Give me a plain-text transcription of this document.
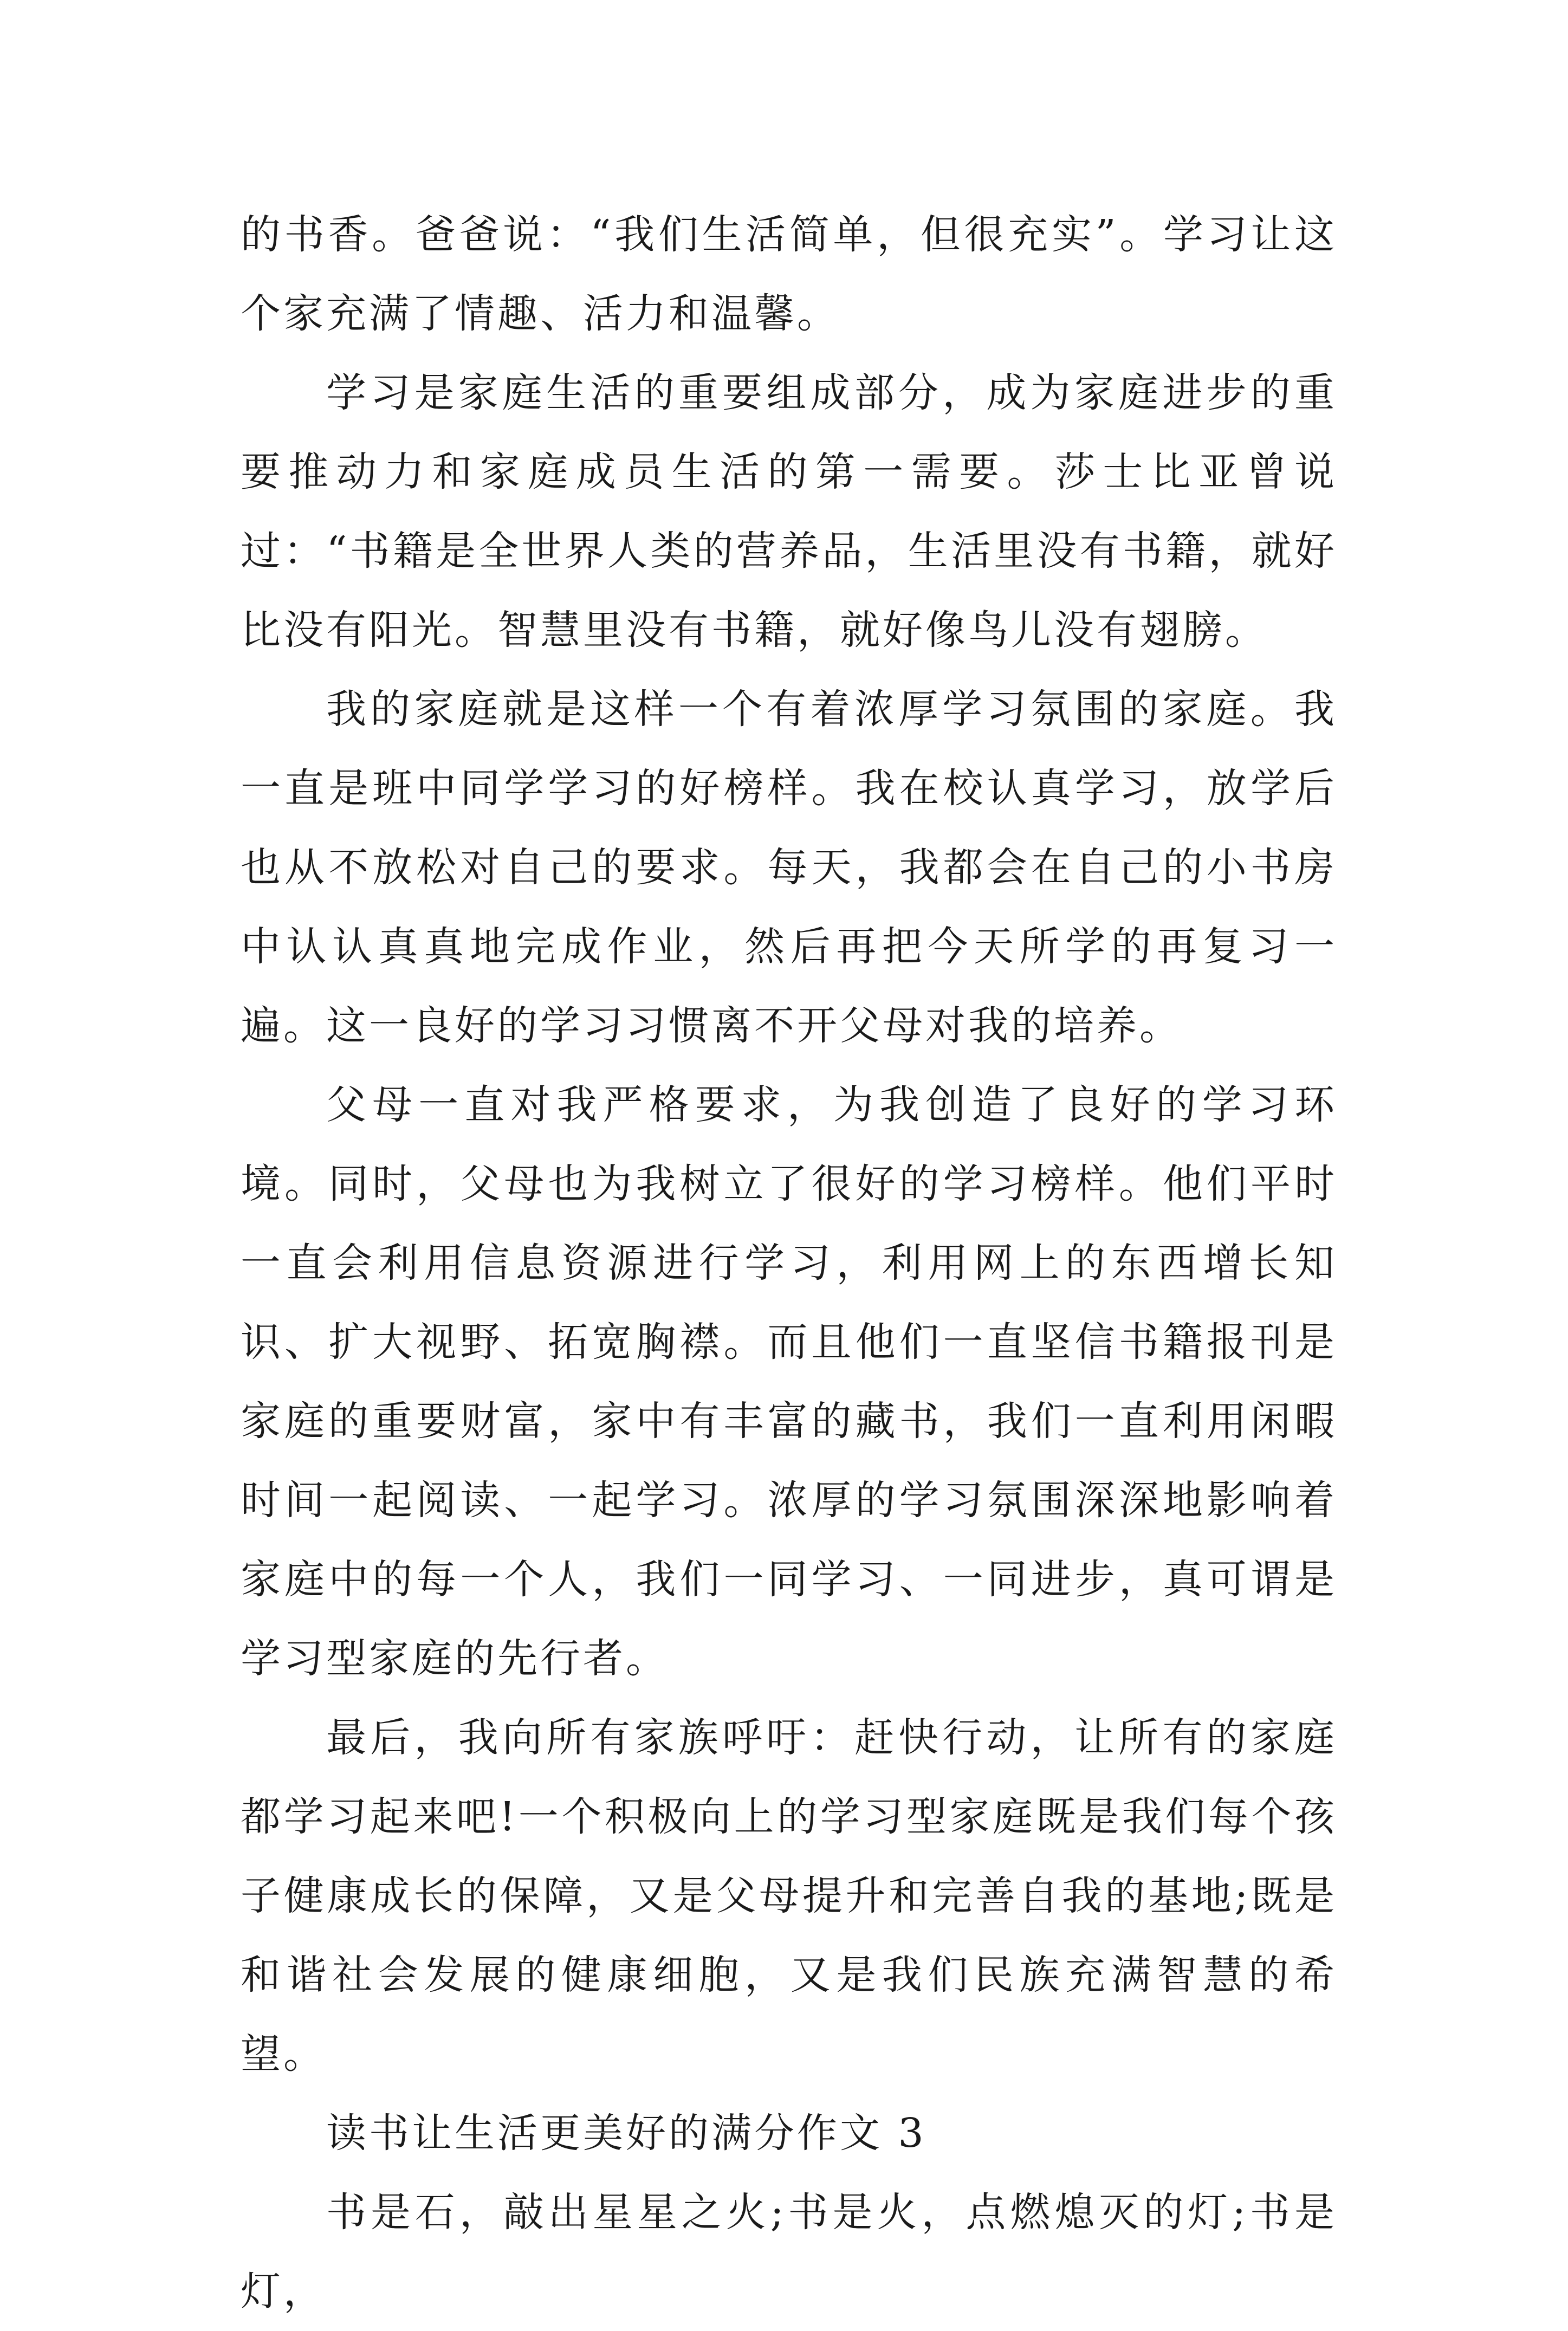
的书香。爸爸说：“我们生活简单，但很充实”。学习让这个家充满了情趣、活力和温馨。

学习是家庭生活的重要组成部分，成为家庭进步的重要推动力和家庭成员生活的第一需要。莎士比亚曾说过：“书籍是全世界人类的营养品，生活里没有书籍，就好比没有阳光。智慧里没有书籍，就好像鸟儿没有翅膀。

我的家庭就是这样一个有着浓厚学习氛围的家庭。我一直是班中同学学习的好榜样。我在校认真学习，放学后也从不放松对自己的要求。每天，我都会在自己的小书房中认认真真地完成作业，然后再把今天所学的再复习一遍。这一良好的学习习惯离不开父母对我的培养。

父母一直对我严格要求，为我创造了良好的学习环境。同时，父母也为我树立了很好的学习榜样。他们平时一直会利用信息资源进行学习，利用网上的东西增长知识、扩大视野、拓宽胸襟。而且他们一直坚信书籍报刊是家庭的重要财富，家中有丰富的藏书，我们一直利用闲暇时间一起阅读、一起学习。浓厚的学习氛围深深地影响着家庭中的每一个人，我们一同学习、一同进步，真可谓是学习型家庭的先行者。

最后，我向所有家族呼吁：赶快行动，让所有的家庭都学习起来吧!一个积极向上的学习型家庭既是我们每个孩子健康成长的保障，又是父母提升和完善自我的基地;既是和谐社会发展的健康细胞，又是我们民族充满智慧的希望。

读书让生活更美好的满分作文 3

书是石，敲出星星之火;书是火，点燃熄灭的灯;书是灯，
